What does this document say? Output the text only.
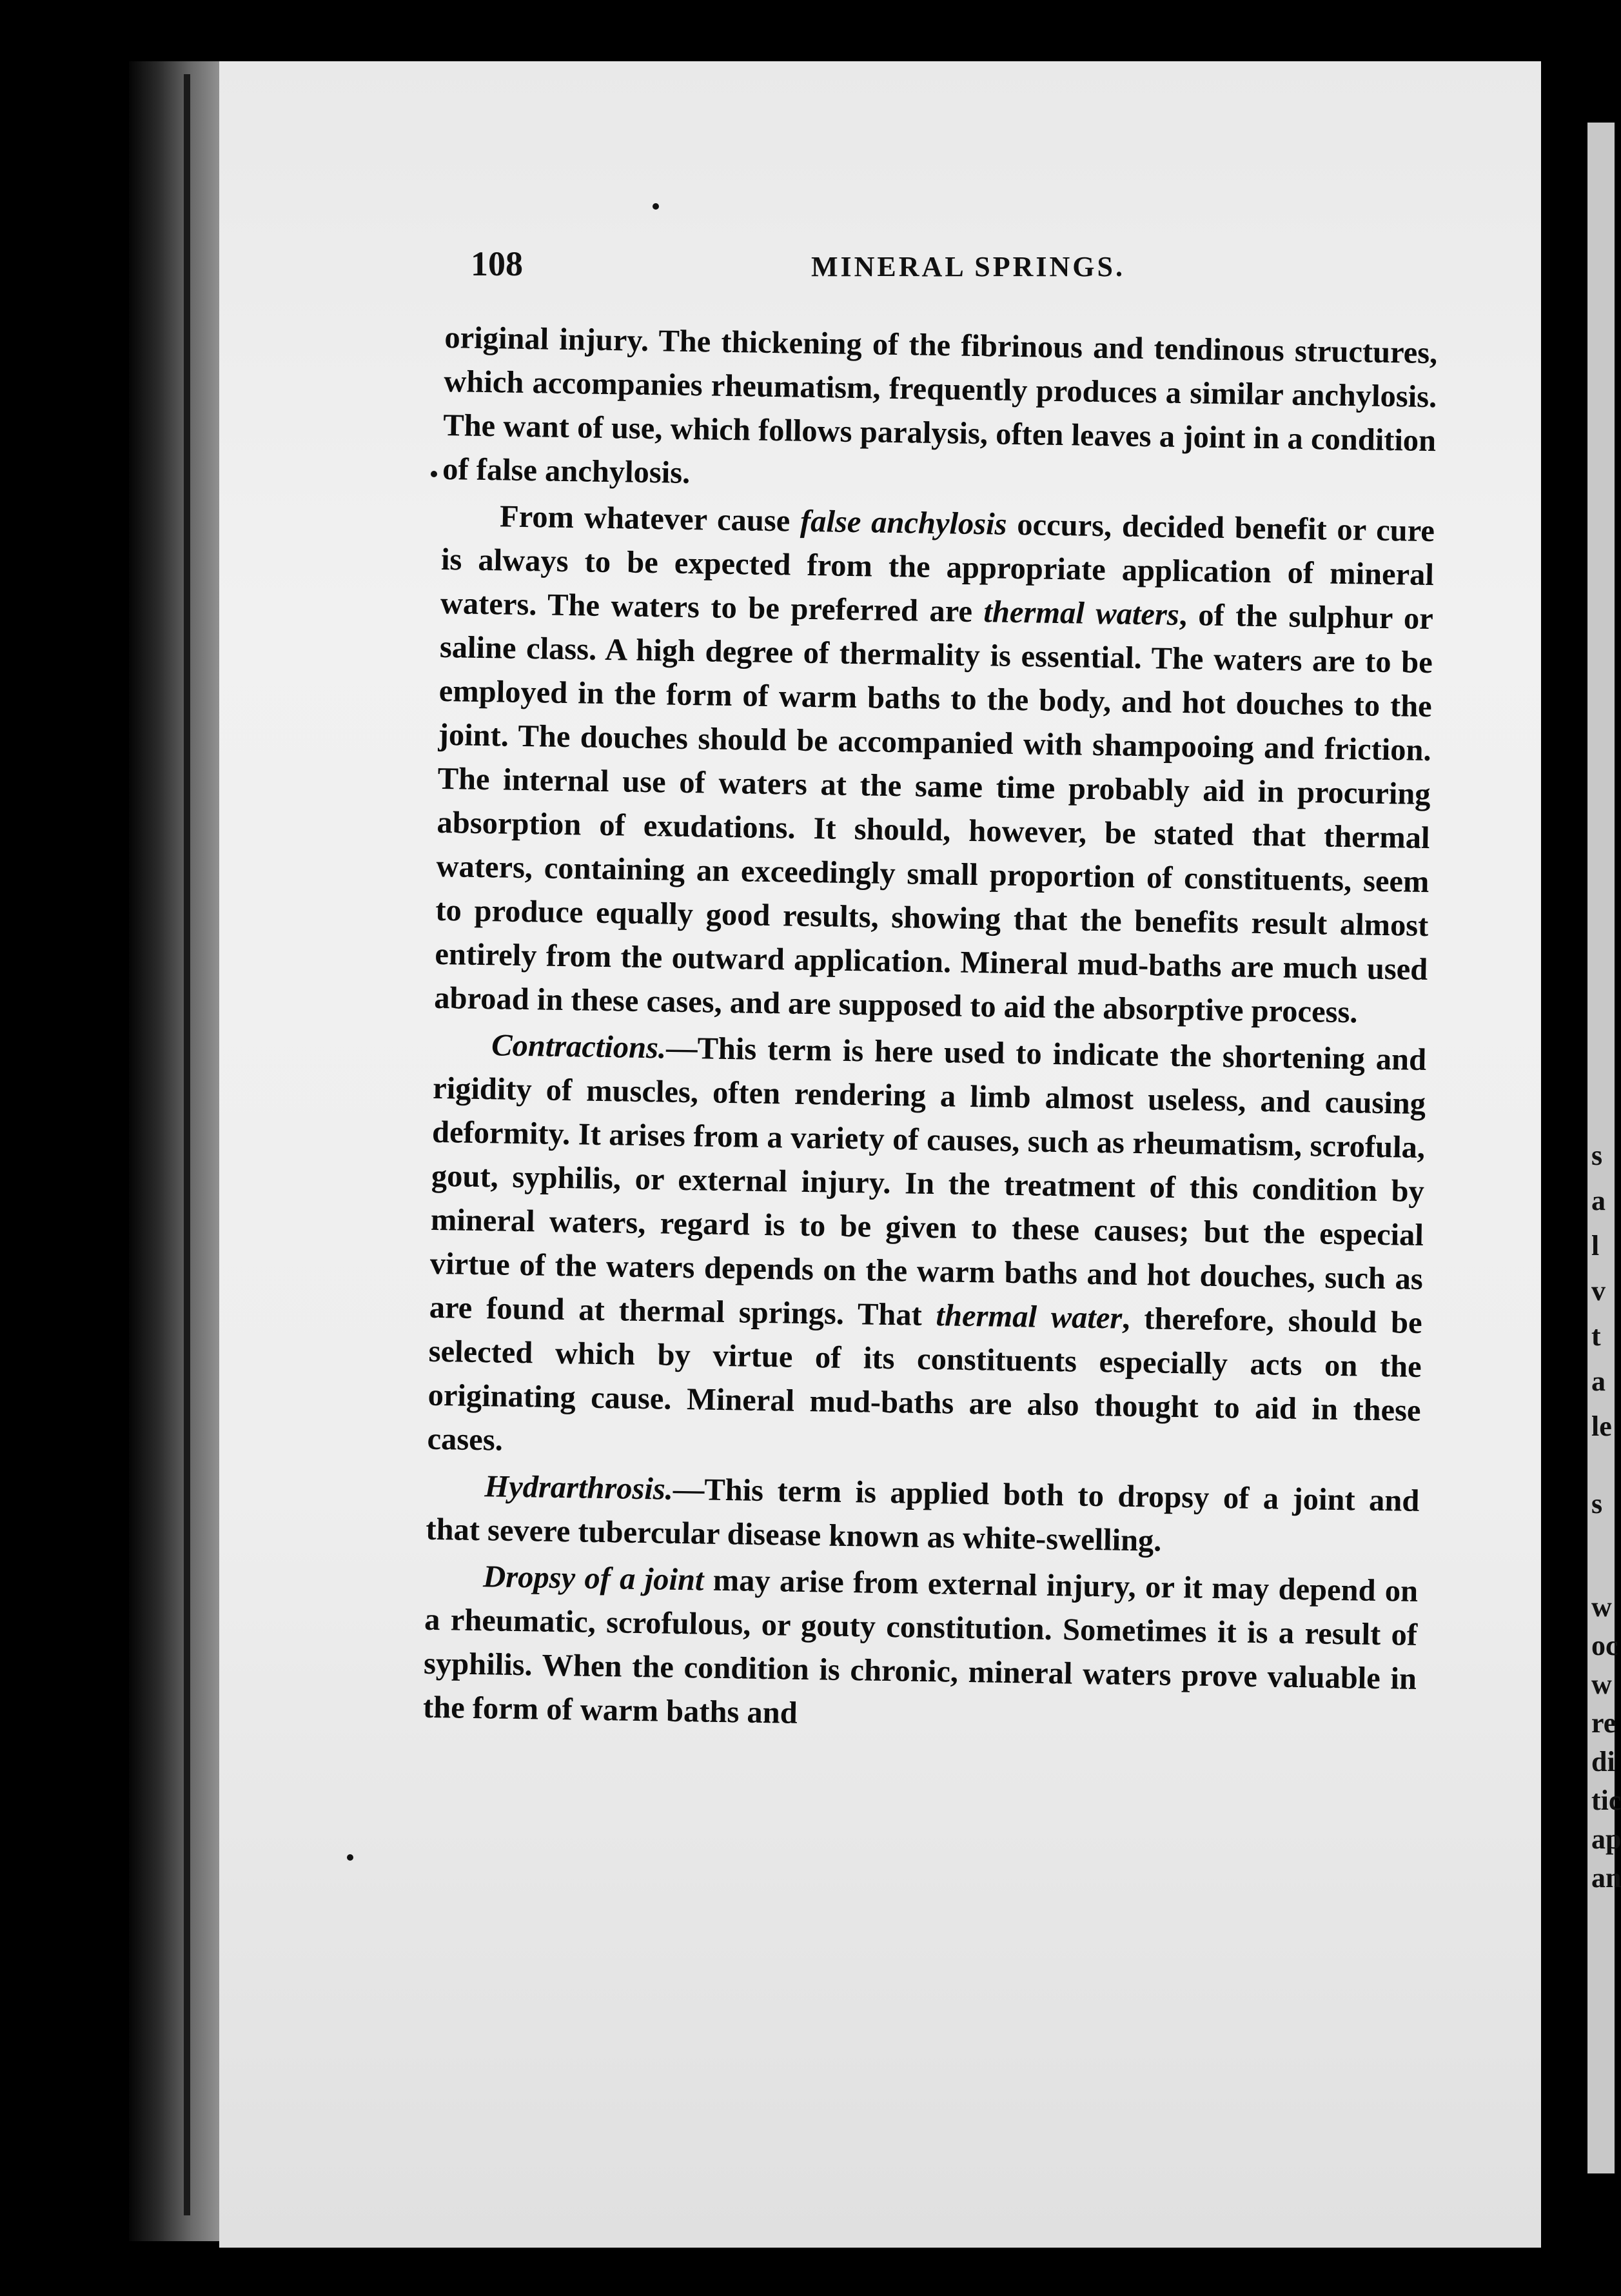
s
a
l
v
t
a
le
s
w
oc
w
re
di
tic
ap
an
108	MINERAL SPRINGS.

original injury. The thickening of the fibrinous and tendinous structures, which accompanies rheumatism, frequently produces a similar anchylosis. The want of use, which follows paralysis, often leaves a joint in a condition of false anchylosis.

From whatever cause false anchylosis occurs, decided benefit or cure is always to be expected from the appropriate application of mineral waters. The waters to be preferred are thermal waters, of the sulphur or saline class. A high degree of thermality is essential. The waters are to be employed in the form of warm baths to the body, and hot douches to the joint. The douches should be accompanied with shampooing and friction. The internal use of waters at the same time probably aid in procuring absorption of exudations. It should, however, be stated that thermal waters, containing an exceedingly small proportion of constituents, seem to produce equally good results, showing that the benefits result almost entirely from the outward application. Mineral mud-baths are much used abroad in these cases, and are supposed to aid the absorptive process.

Contractions.—This term is here used to indicate the shortening and rigidity of muscles, often rendering a limb almost useless, and causing deformity. It arises from a variety of causes, such as rheumatism, scrofula, gout, syphilis, or external injury. In the treatment of this condition by mineral waters, regard is to be given to these causes; but the especial virtue of the waters depends on the warm baths and hot douches, such as are found at thermal springs. That thermal water, therefore, should be selected which by virtue of its constituents especially acts on the originating cause. Mineral mud-baths are also thought to aid in these cases.

Hydrarthrosis.—This term is applied both to dropsy of a joint and that severe tubercular disease known as white-swelling.

Dropsy of a joint may arise from external injury, or it may depend on a rheumatic, scrofulous, or gouty constitution. Sometimes it is a result of syphilis. When the condition is chronic, mineral waters prove valuable in the form of warm baths and
